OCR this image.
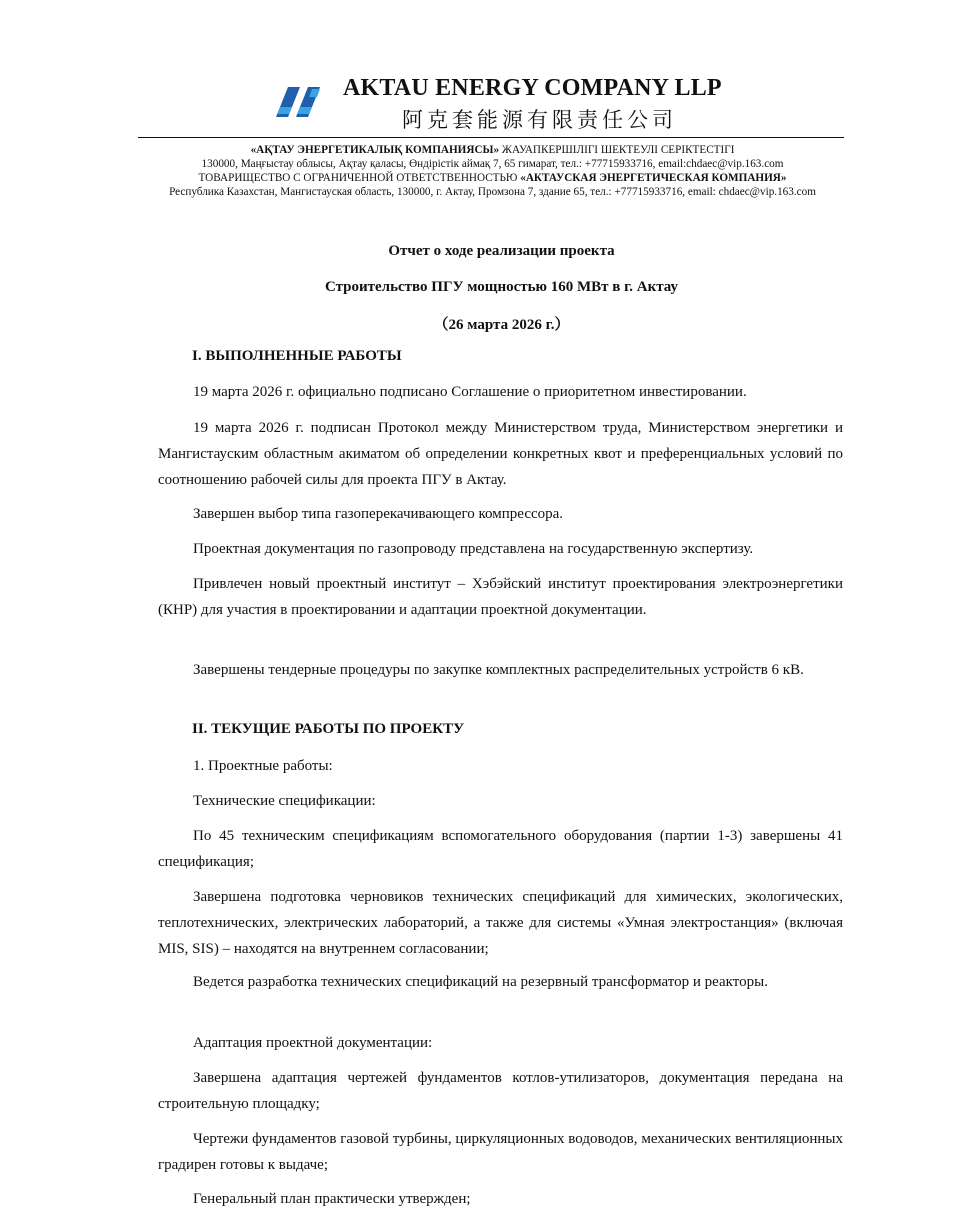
AKTAU ENERGY COMPANY LLP
阿克套能源有限责任公司
«АҚТАУ ЭНЕРГЕТИКАЛЫҚ КОМПАНИЯСЫ» ЖАУАПКЕРШІЛІГІ ШЕКТЕУЛІ СЕРІКТЕСТІГІ
130000, Маңғыстау облысы, Ақтау қаласы, Өндірістік аймақ 7, 65 гимарат, тел.: +77715933716, email:chdaec@vip.163.com
ТОВАРИЩЕСТВО С ОГРАНИЧЕННОЙ ОТВЕТСТВЕННОСТЬЮ «АКТАУСКАЯ ЭНЕРГЕТИЧЕСКАЯ КОМПАНИЯ»
Республика Казахстан, Мангистауская область, 130000, г. Актау, Промзона 7, здание 65, тел.: +77715933716, email: chdaec@vip.163.com
Отчет о ходе реализации проекта
Строительство ПГУ мощностью 160 МВт в г. Актау
（26 марта 2026 г.）
I. ВЫПОЛНЕННЫЕ РАБОТЫ

19 марта 2026 г. официально подписано Соглашение о приоритетном инвестировании.

19 марта 2026 г. подписан Протокол между Министерством труда, Министерством энергетики и Мангистауским областным акиматом об определении конкретных квот и преференциальных условий по соотношению рабочей силы для проекта ПГУ в Актау.

Завершен выбор типа газоперекачивающего компрессора.

Проектная документация по газопроводу представлена на государственную экспертизу.

Привлечен новый проектный институт – Хэбэйский институт проектирования электроэнергетики (КНР) для участия в проектировании и адаптации проектной документации.

Завершены тендерные процедуры по закупке комплектных распределительных устройств 6 кВ.

II. ТЕКУЩИЕ РАБОТЫ ПО ПРОЕКТУ

1. Проектные работы:

Технические спецификации:

По 45 техническим спецификациям вспомогательного оборудования (партии 1-3) завершены 41 спецификация;

Завершена подготовка черновиков технических спецификаций для химических, экологических, теплотехнических, электрических лабораторий, а также для системы «Умная электростанция» (включая MIS, SIS) – находятся на внутреннем согласовании;

Ведется разработка технических спецификаций на резервный трансформатор и реакторы.

Адаптация проектной документации:

Завершена адаптация чертежей фундаментов котлов-утилизаторов, документация передана на строительную площадку;

Чертежи фундаментов газовой турбины, циркуляционных водоводов, механических вентиляционных градирен готовы к выдаче;

Генеральный план практически утвержден;
